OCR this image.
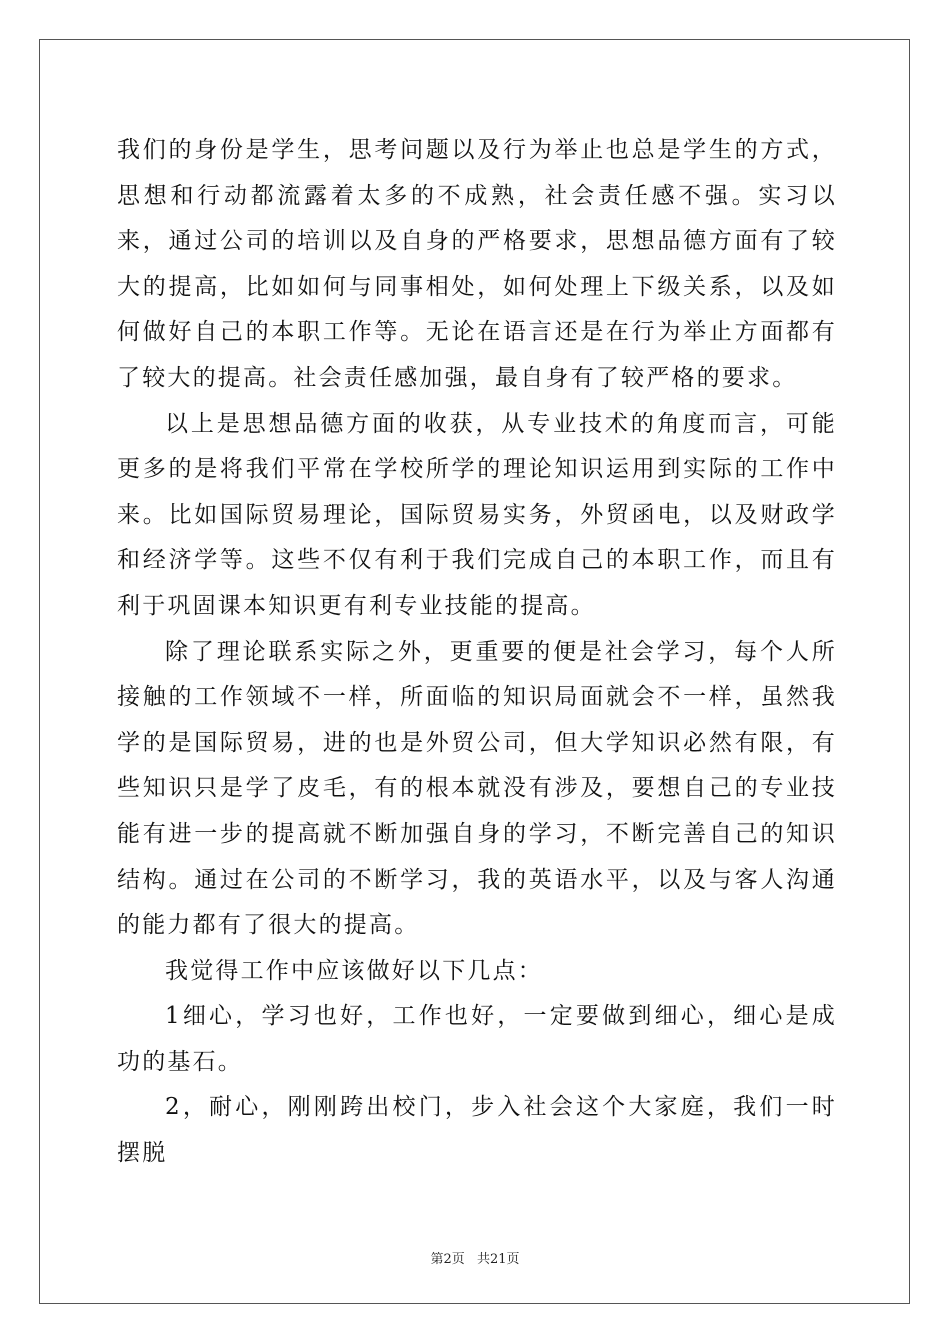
我们的身份是学生，思考问题以及行为举止也总是学生的方式，思想和行动都流露着太多的不成熟，社会责任感不强。实习以来，通过公司的培训以及自身的严格要求，思想品德方面有了较大的提高，比如如何与同事相处，如何处理上下级关系，以及如何做好自己的本职工作等。无论在语言还是在行为举止方面都有了较大的提高。社会责任感加强，最自身有了较严格的要求。

以上是思想品德方面的收获，从专业技术的角度而言，可能更多的是将我们平常在学校所学的理论知识运用到实际的工作中来。比如国际贸易理论，国际贸易实务，外贸函电，以及财政学和经济学等。这些不仅有利于我们完成自己的本职工作，而且有利于巩固课本知识更有利专业技能的提高。

除了理论联系实际之外，更重要的便是社会学习，每个人所接触的工作领域不一样，所面临的知识局面就会不一样，虽然我学的是国际贸易，进的也是外贸公司，但大学知识必然有限，有些知识只是学了皮毛，有的根本就没有涉及，要想自己的专业技能有进一步的提高就不断加强自身的学习，不断完善自己的知识结构。通过在公司的不断学习，我的英语水平，以及与客人沟通的能力都有了很大的提高。

我觉得工作中应该做好以下几点：

1细心，学习也好，工作也好，一定要做到细心，细心是成功的基石。

2，耐心，刚刚跨出校门，步入社会这个大家庭，我们一时摆脱

第2页 共21页
